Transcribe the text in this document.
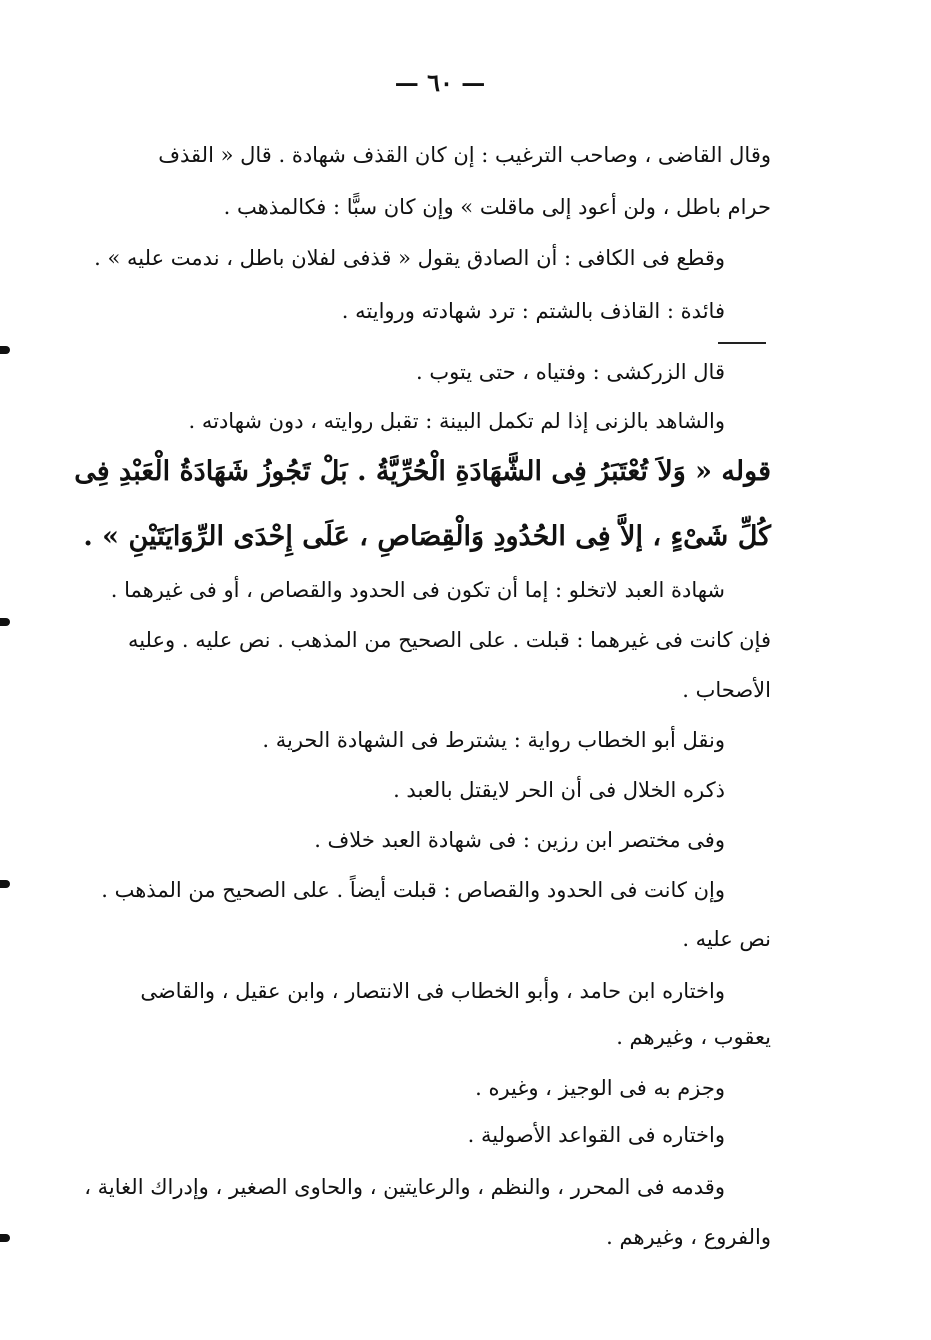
— ٦٠ —
وقال القاضى ، وصاحب الترغيب : إن كان القذف شهادة . قال « القذف
حرام باطل ، ولن أعود إلى ماقلت » وإن كان سبًّا : فكالمذهب .
وقطع فى الكافى : أن الصادق يقول « قذفى لفلان باطل ، ندمت عليه » .
فائدة : القاذف بالشتم : ترد شهادته وروايته .
قال الزركشى : وفتياه ، حتى يتوب .
والشاهد بالزنى إذا لم تكمل البينة : تقبل روايته ، دون شهادته .
قوله « وَلاَ تُعْتَبَرُ فِى الشَّهَادَةِ الْحُرِّيَّةُ . بَلْ تَجُوزُ شَهَادَةُ الْعَبْدِ فِى
كُلِّ شَىْءٍ ، إلاَّ فِى الحُدُودِ وَالْقِصَاصِ ، عَلَى إِحْدَى الرِّوَايَتَيْنِ » .
شهادة العبد لاتخلو : إما أن تكون فى الحدود والقصاص ، أو فى غيرهما .
فإن كانت فى غيرهما : قبلت . على الصحيح من المذهب . نص عليه . وعليه
الأصحاب .
ونقل أبو الخطاب رواية : يشترط فى الشهادة الحرية .
ذكره الخلال فى أن الحر لايقتل بالعبد .
وفى مختصر ابن رزين : فى شهادة العبد خلاف .
وإن كانت فى الحدود والقصاص : قبلت أيضاً . على الصحيح من المذهب .
نص عليه .
واختاره ابن حامد ، وأبو الخطاب فى الانتصار ، وابن عقيل ، والقاضى
يعقوب ، وغيرهم .
وجزم به فى الوجيز ، وغيره .
واختاره فى القواعد الأصولية .
وقدمه فى المحرر ، والنظم ، والرعايتين ، والحاوى الصغير ، وإدراك الغاية ،
والفروع ، وغيرهم .
